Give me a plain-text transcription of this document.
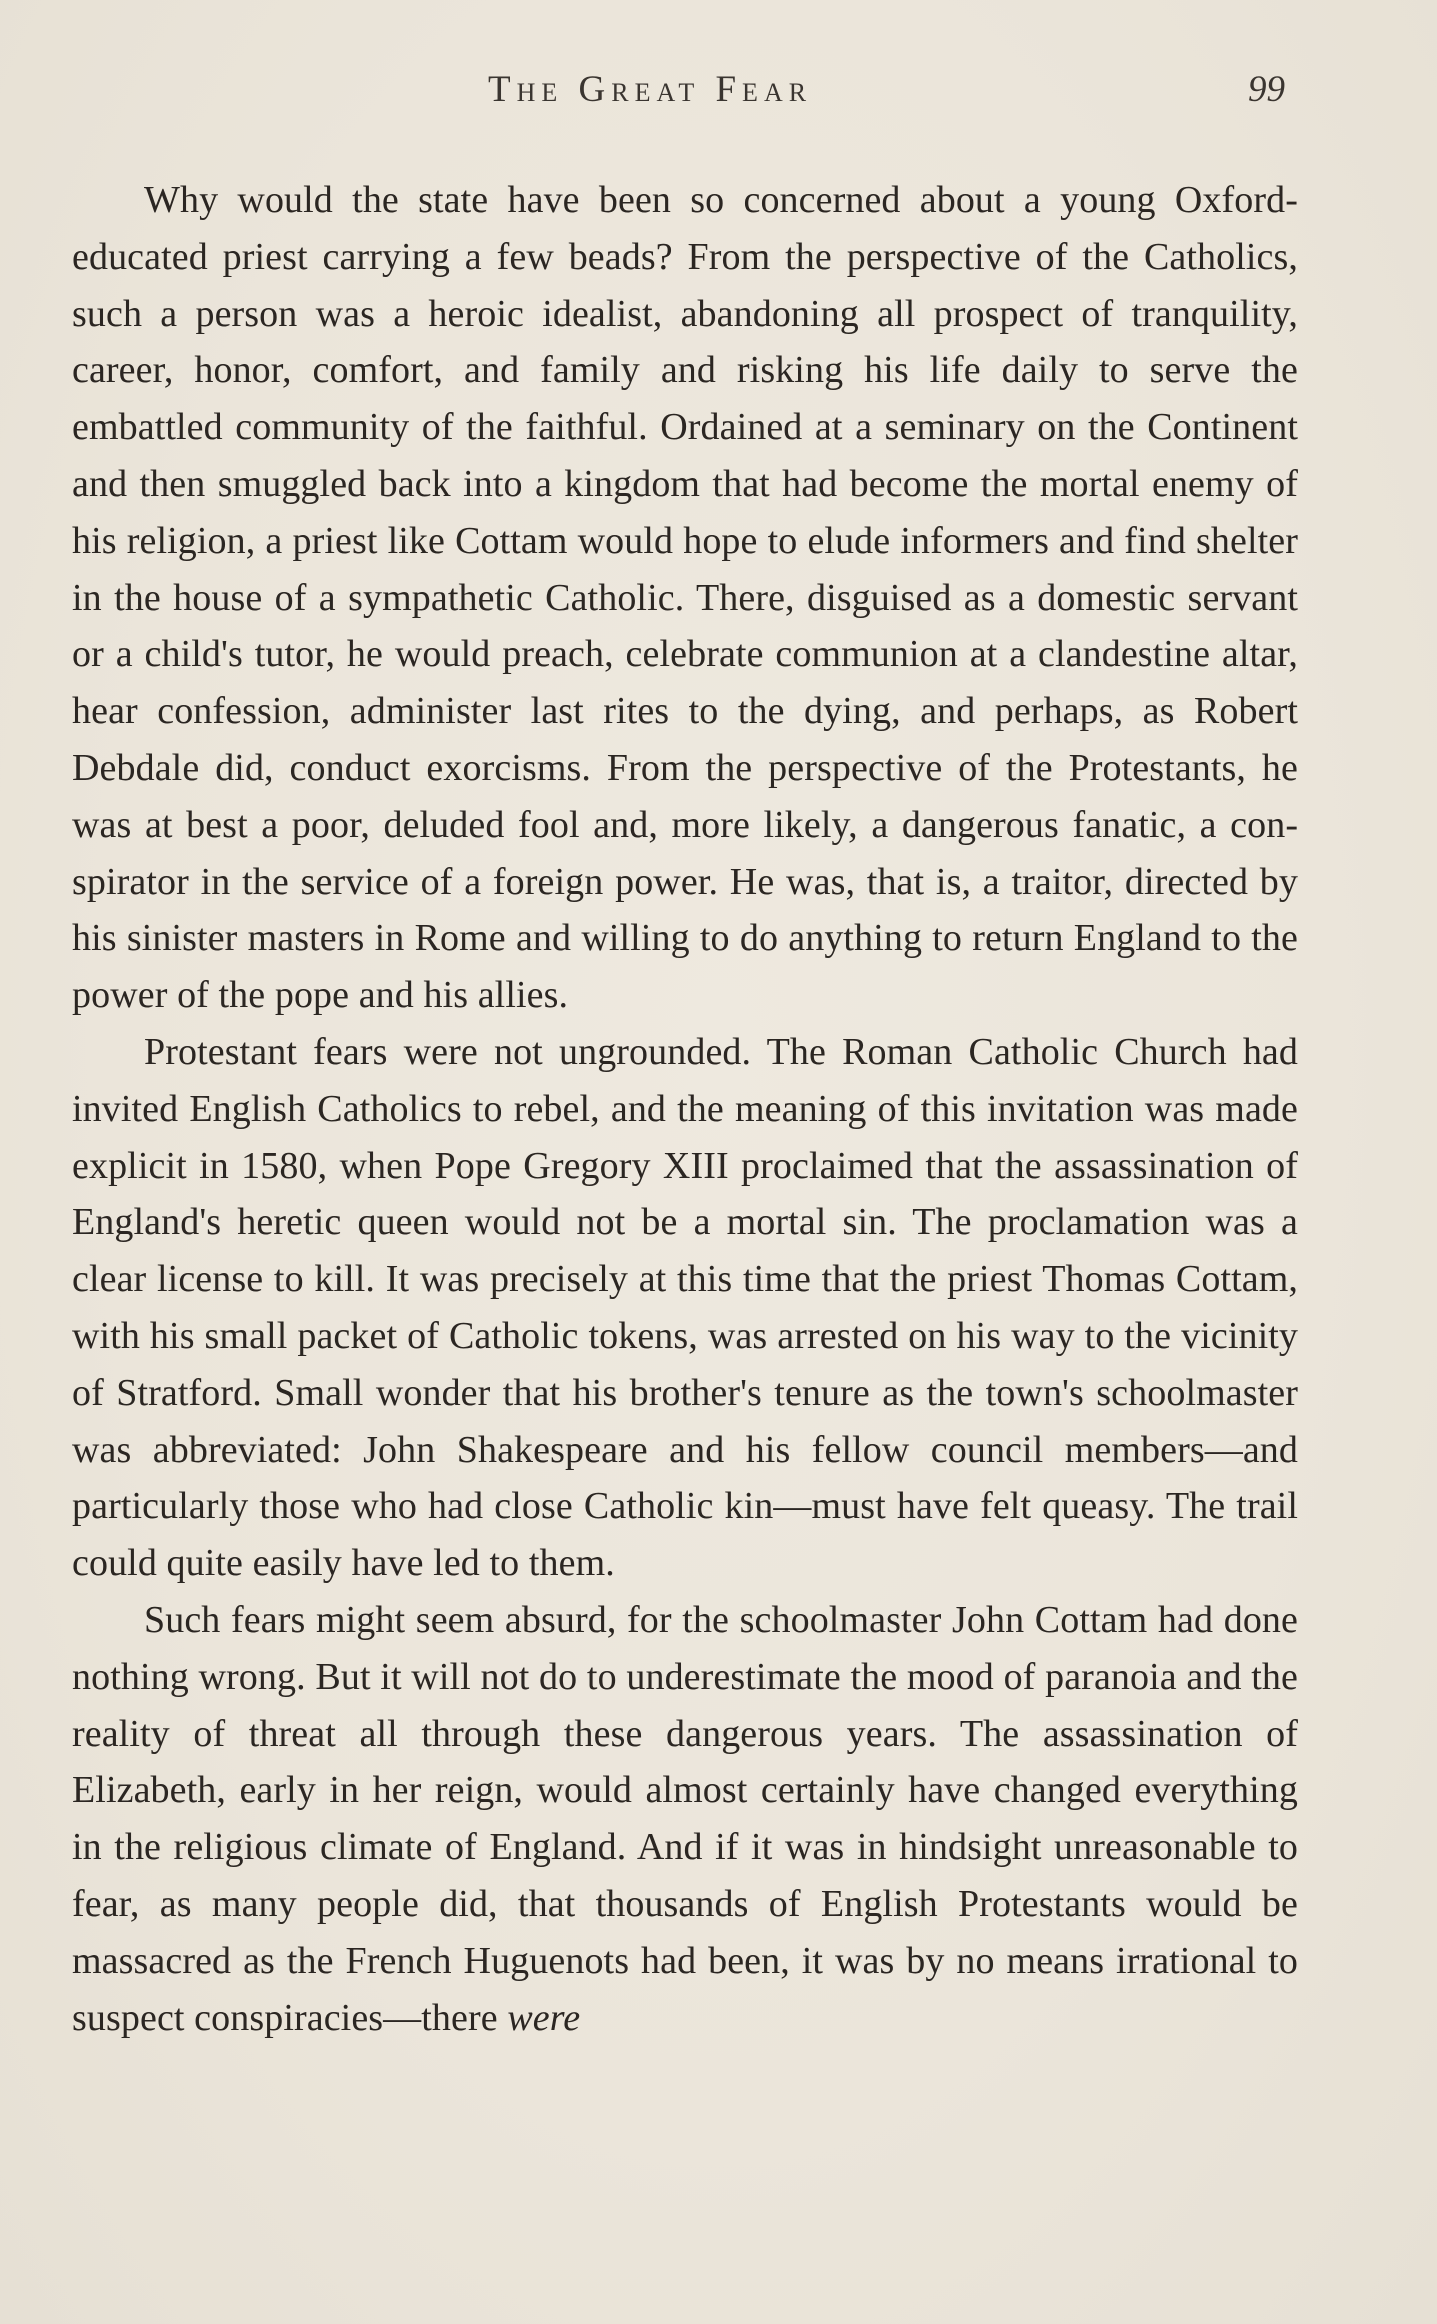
The Great Fear	99

Why would the state have been so concerned about a young Oxford-educated priest carrying a few beads? From the perspective of the Catholics, such a person was a heroic idealist, abandoning all prospect of tranquility, career, honor, comfort, and family and risking his life daily to serve the embattled community of the faithful. Ordained at a seminary on the Continent and then smuggled back into a kingdom that had become the mortal enemy of his religion, a priest like Cottam would hope to elude informers and find shelter in the house of a sympathetic Catholic. There, disguised as a domestic servant or a child's tutor, he would preach, celebrate communion at a clandestine altar, hear confession, administer last rites to the dying, and perhaps, as Robert Debdale did, conduct exorcisms. From the perspective of the Protestants, he was at best a poor, deluded fool and, more likely, a dangerous fanatic, a conspirator in the service of a foreign power. He was, that is, a traitor, directed by his sinister masters in Rome and willing to do anything to return England to the power of the pope and his allies.

Protestant fears were not ungrounded. The Roman Catholic Church had invited English Catholics to rebel, and the meaning of this invitation was made explicit in 1580, when Pope Gregory XIII proclaimed that the assassination of England's heretic queen would not be a mortal sin. The proclamation was a clear license to kill. It was precisely at this time that the priest Thomas Cottam, with his small packet of Catholic tokens, was arrested on his way to the vicinity of Stratford. Small wonder that his brother's tenure as the town's schoolmaster was abbreviated: John Shakespeare and his fellow council members—and particularly those who had close Catholic kin—must have felt queasy. The trail could quite easily have led to them.

Such fears might seem absurd, for the schoolmaster John Cottam had done nothing wrong. But it will not do to underestimate the mood of paranoia and the reality of threat all through these dangerous years. The assassination of Elizabeth, early in her reign, would almost certainly have changed everything in the religious climate of England. And if it was in hindsight unreasonable to fear, as many people did, that thousands of English Protestants would be massacred as the French Huguenots had been, it was by no means irrational to suspect conspiracies—there were
